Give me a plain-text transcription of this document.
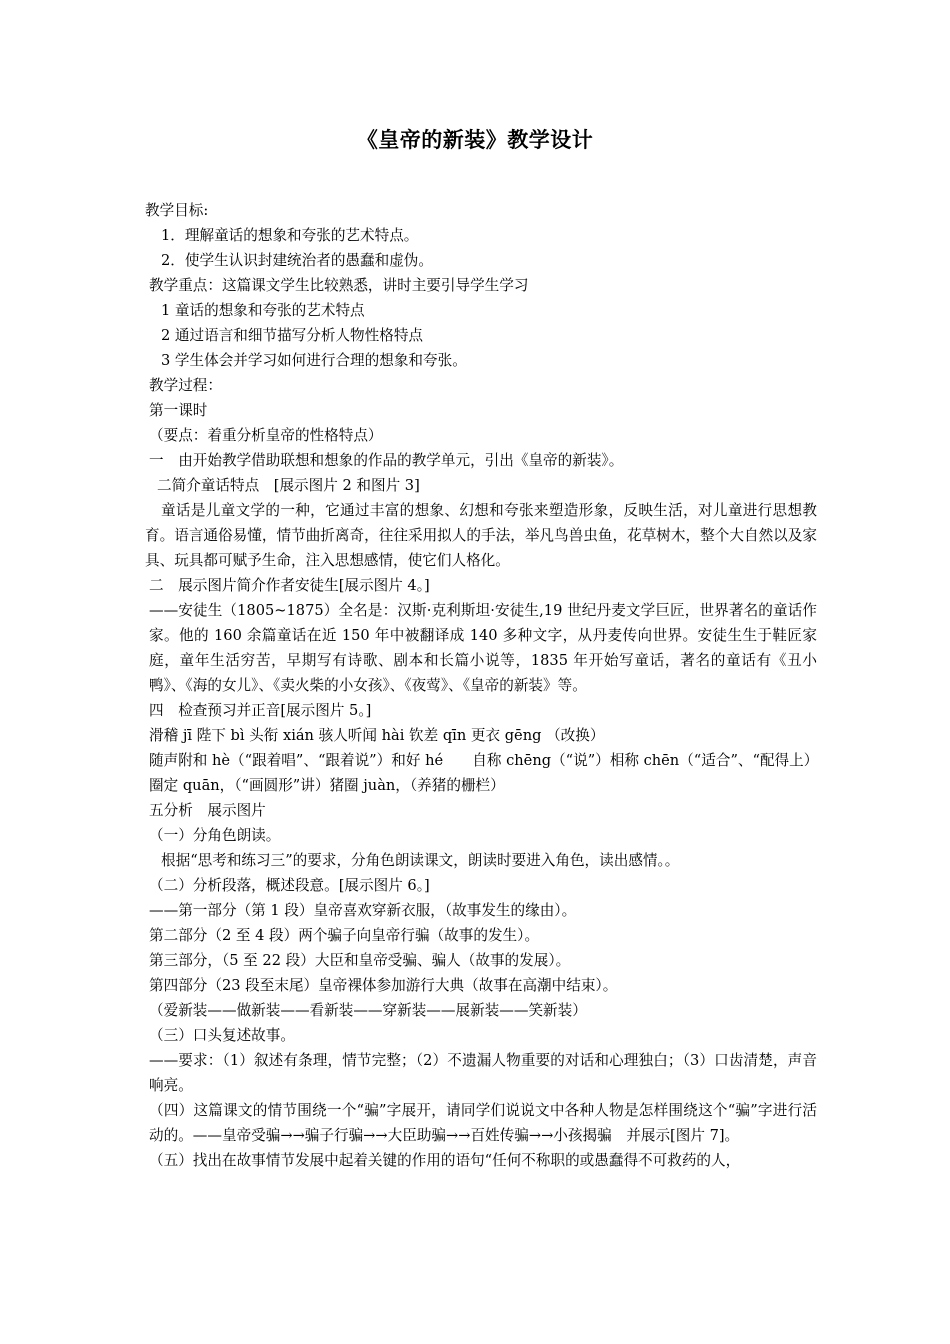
《皇帝的新装》教学设计
教学目标:
1．理解童话的想象和夸张的艺术特点。
2．使学生认识封建统治者的愚蠢和虚伪。
教学重点：这篇课文学生比较熟悉，讲时主要引导学生学习
1 童话的想象和夸张的艺术特点
2 通过语言和细节描写分析人物性格特点
3 学生体会并学习如何进行合理的想象和夸张。
教学过程：
第一课时
（要点：着重分析皇帝的性格特点）
一　由开始教学借助联想和想象的作品的教学单元，引出《皇帝的新装》。
二简介童话特点　[展示图片 2 和图片 3]
童话是儿童文学的一种，它通过丰富的想象、幻想和夸张来塑造形象，反映生活，对儿童进行思想教育。语言通俗易懂，情节曲折离奇，往往采用拟人的手法，举凡鸟兽虫鱼，花草树木，整个大自然以及家具、玩具都可赋予生命，注入思想感情，使它们人格化。
二　展示图片简介作者安徒生[展示图片 4。]
——安徒生（1805~1875）全名是：汉斯·克利斯坦·安徒生,19 世纪丹麦文学巨匠，世界著名的童话作家。他的 160 余篇童话在近 150 年中被翻译成 140 多种文字，从丹麦传向世界。安徒生生于鞋匠家庭，童年生活穷苦，早期写有诗歌、剧本和长篇小说等，1835 年开始写童话，著名的童话有《丑小鸭》、《海的女儿》、《卖火柴的小女孩》、《夜莺》、《皇帝的新装》等。
四　检查预习并正音[展示图片 5。]
滑稽 jī 陛下 bì 头衔 xián 骇人听闻 hài 钦差 qīn 更衣 gēng （改换）
随声附和 hè（“跟着唱”、“跟着说”）和好 hé　　自称 chēng（“说”）相称 chēn（“适合”、“配得上）
圈定 quān，（“画圆形”讲）猪圈 juàn，（养猪的栅栏）
五分析　展示图片
（一）分角色朗读。
根据“思考和练习三”的要求，分角色朗读课文，朗读时要进入角色，读出感情。。
（二）分析段落，概述段意。[展示图片 6。]
——第一部分（第 1 段）皇帝喜欢穿新衣服，（故事发生的缘由）。
第二部分（2 至 4 段）两个骗子向皇帝行骗（故事的发生）。
第三部分，（5 至 22 段）大臣和皇帝受骗、骗人（故事的发展）。
第四部分（23 段至末尾）皇帝裸体参加游行大典（故事在高潮中结束）。
（爱新装——做新装——看新装——穿新装——展新装——笑新装）
（三）口头复述故事。
——要求：（1）叙述有条理，情节完整；（2）不遗漏人物重要的对话和心理独白；（3）口齿清楚，声音响亮。
（四）这篇课文的情节围绕一个“骗”字展开，请同学们说说文中各种人物是怎样围绕这个“骗”字进行活动的。——皇帝受骗→→骗子行骗→→大臣助骗→→百姓传骗→→小孩揭骗　并展示[图片 7]。
（五）找出在故事情节发展中起着关键的作用的语句“任何不称职的或愚蠢得不可救药的人，
